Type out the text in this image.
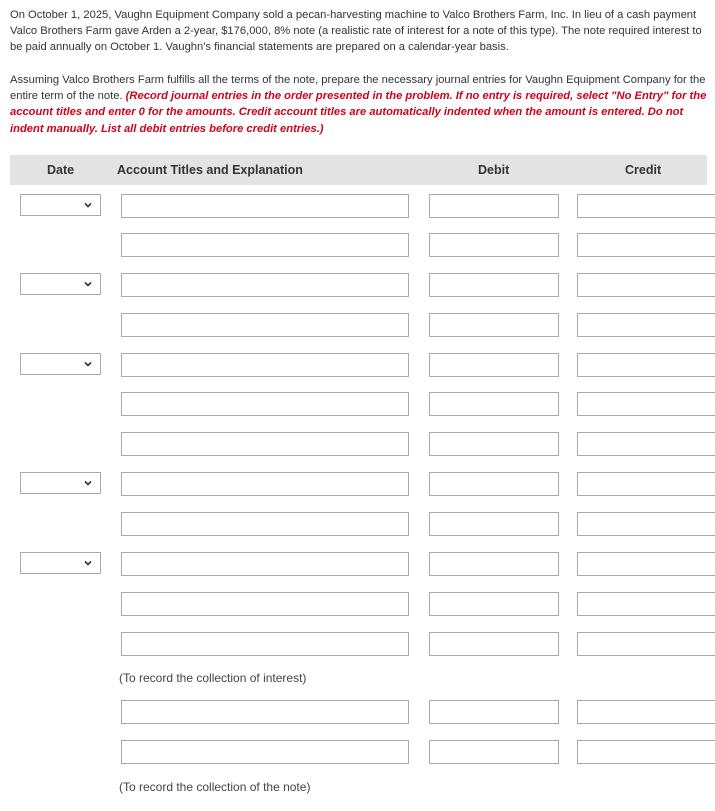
On October 1, 2025, Vaughn Equipment Company sold a pecan-harvesting machine to Valco Brothers Farm, Inc. In lieu of a cash payment Valco Brothers Farm gave Arden a 2-year, $176,000, 8% note (a realistic rate of interest for a note of this type). The note required interest to be paid annually on October 1. Vaughn's financial statements are prepared on a calendar-year basis.
Assuming Valco Brothers Farm fulfills all the terms of the note, prepare the necessary journal entries for Vaughn Equipment Company for the entire term of the note. (Record journal entries in the order presented in the problem. If no entry is required, select "No Entry" for the account titles and enter 0 for the amounts. Credit account titles are automatically indented when the amount is entered. Do not indent manually. List all debit entries before credit entries.)
Date	Account Titles and Explanation	Debit	Credit
(To record the collection of interest)
(To record the collection of the note)
